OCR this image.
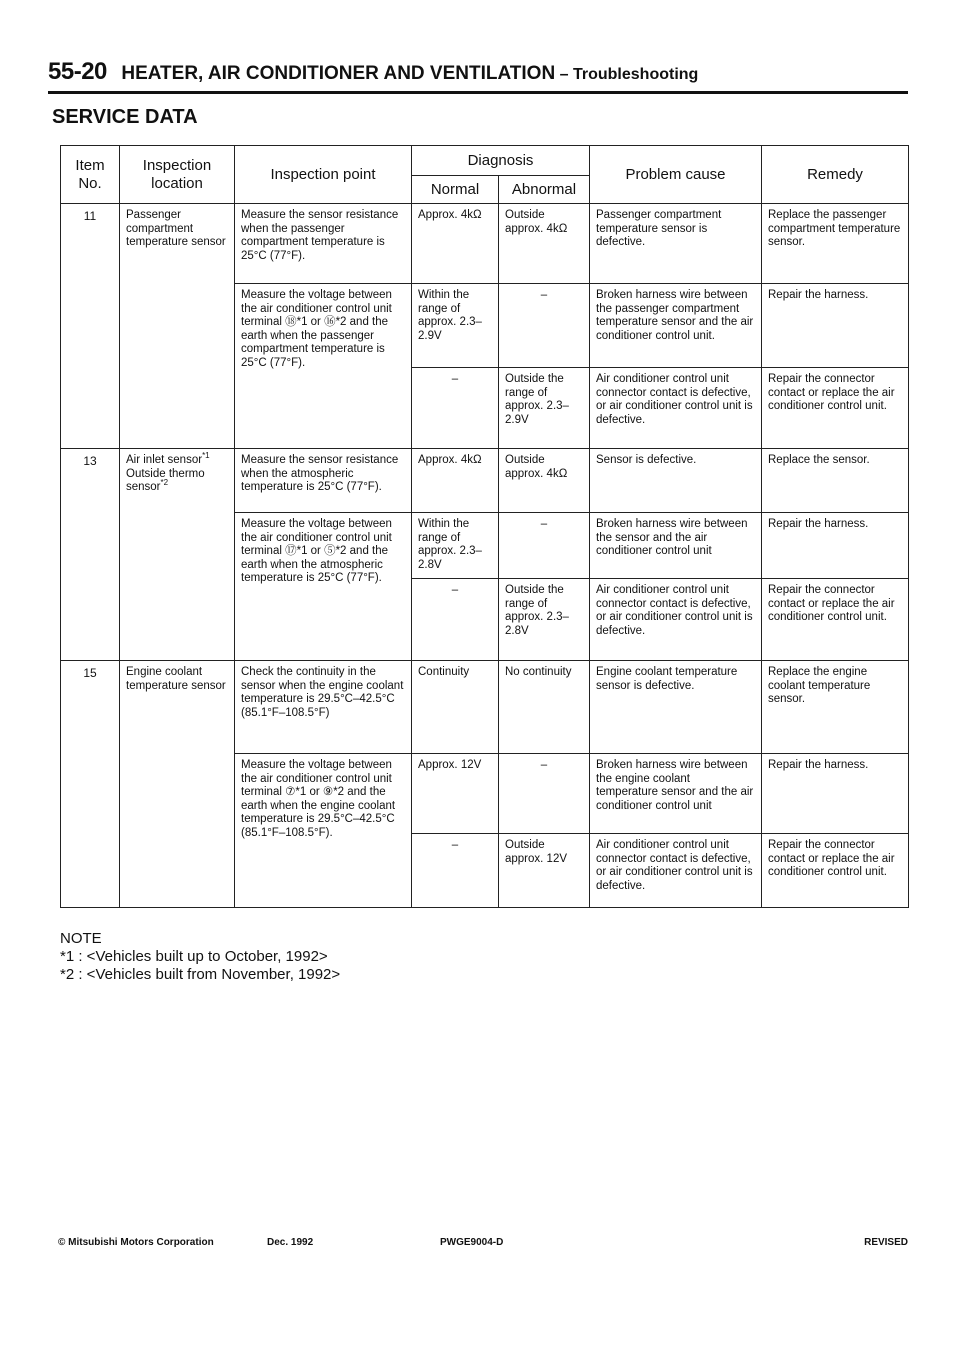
55-20 HEATER, AIR CONDITIONER AND VENTILATION – Troubleshooting
SERVICE DATA
Item No.	Inspection location	Inspection point	Diagnosis		Problem cause	Remedy
			Normal	Abnormal		
11	Passenger compartment temperature sensor	Measure the sensor resistance when the passenger compartment temperature is 25°C (77°F).	Approx. 4kΩ	Outside approx. 4kΩ	Passenger compartment temperature sensor is defective.	Replace the passenger compartment temperature sensor.
		Measure the voltage between the air conditioner control unit terminal ⑱*1 or ⑯*2 and the earth when the passenger compartment temperature is 25°C (77°F).	Within the range of approx. 2.3–2.9V	–	Broken harness wire between the passenger compartment temperature sensor and the air conditioner control unit.	Repair the harness.
			–	Outside the range of approx. 2.3–2.9V	Air conditioner control unit connector contact is defective, or air conditioner control unit is defective.	Repair the connector contact or replace the air conditioner control unit.
13	Air inlet sensor$^{*1}$ Outside thermo sensor$^{*2}$	Measure the sensor resistance when the atmospheric temperature is 25°C (77°F).	Approx. 4kΩ	Outside approx. 4kΩ	Sensor is defective.	Replace the sensor.
		Measure the voltage between the air conditioner control unit terminal ⑰*1 or ⑤*2 and the earth when the atmospheric temperature is 25°C (77°F).	Within the range of approx. 2.3–2.8V	–	Broken harness wire between the sensor and the air conditioner control unit	Repair the harness.
			–	Outside the range of approx. 2.3–2.8V	Air conditioner control unit connector contact is defective, or air conditioner control unit is defective.	Repair the connector contact or replace the air conditioner control unit.
15	Engine coolant temperature sensor	Check the continuity in the sensor when the engine coolant temperature is 29.5°C–42.5°C (85.1°F–108.5°F)	Continuity	No continuity	Engine coolant temperature sensor is defective.	Replace the engine coolant temperature sensor.
		Measure the voltage between the air conditioner control unit terminal ⑦*1 or ⑨*2 and the earth when the engine coolant temperature is 29.5°C–42.5°C (85.1°F–108.5°F).	Approx. 12V	–	Broken harness wire between the engine coolant temperature sensor and the air conditioner control unit	Repair the harness.
			–	Outside approx. 12V	Air conditioner control unit connector contact is defective, or air conditioner control unit is defective.	Repair the connector contact or replace the air conditioner control unit.

NOTE

*1 : <Vehicles built up to October, 1992>

*2 : <Vehicles built from November, 1992>

© Mitsubishi Motors Corporation	Dec. 1992	PWGE9004-D	REVISED
